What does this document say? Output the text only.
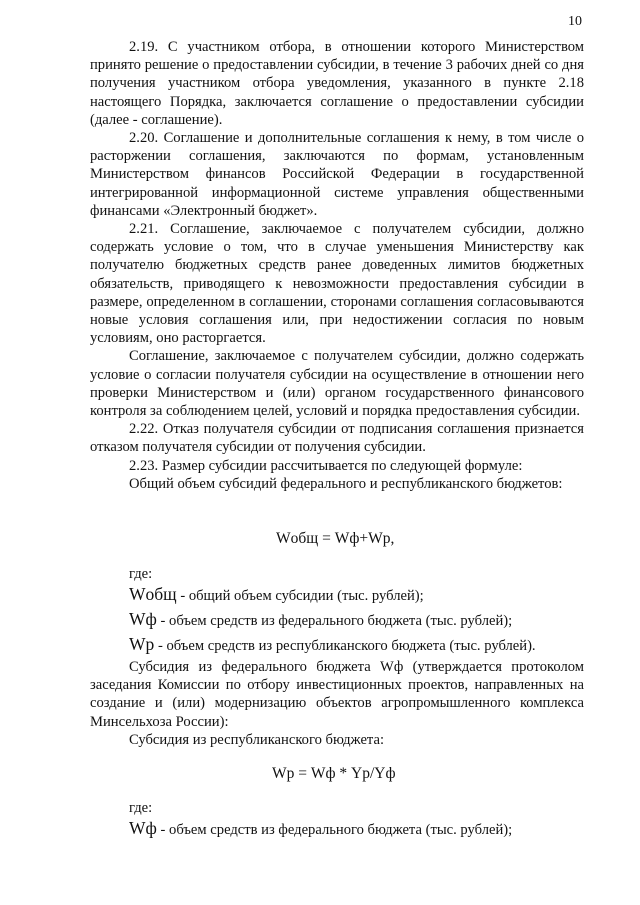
10

2.19. С участником отбора, в отношении которого Министерством принято решение о предоставлении субсидии, в течение 3 рабочих дней со дня получения участником отбора уведомления, указанного в пункте 2.18 настоящего Порядка, заключается соглашение о предоставлении субсидии (далее - соглашение).

2.20. Соглашение и дополнительные соглашения к нему, в том числе о расторжении соглашения, заключаются по формам, установленным Министерством финансов Российской Федерации в государственной интегрированной информационной системе управления общественными финансами «Электронный бюджет».

2.21. Соглашение, заключаемое с получателем субсидии, должно содержать условие о том, что в случае уменьшения Министерству как получателю бюджетных средств ранее доведенных лимитов бюджетных обязательств, приводящего к невозможности предоставления субсидии в размере, определенном в соглашении, сторонами соглашения согласовываются новые условия соглашения или, при недостижении согласия по новым условиям, оно расторгается.

Соглашение, заключаемое с получателем субсидии, должно содержать условие о согласии получателя субсидии на осуществление в отношении него проверки Министерством и (или) органом государственного финансового контроля за соблюдением целей, условий и порядка предоставления субсидии.

2.22. Отказ получателя субсидии от подписания соглашения признается отказом получателя субсидии от получения субсидии.

2.23. Размер субсидии рассчитывается по следующей формуле:

Общий объем субсидий федерального и республиканского бюджетов:

Wобщ = Wф+Wр,
где:
Wобщ - общий объем субсидии (тыс. рублей);
Wф - объем средств из федерального бюджета (тыс. рублей);
Wр - объем средств из республиканского бюджета (тыс. рублей).

Субсидия из федерального бюджета Wф (утверждается протоколом заседания Комиссии по отбору инвестиционных проектов, направленных на создание и (или) модернизацию объектов агропромышленного комплекса Минсельхоза России):

Субсидия из республиканского бюджета:

Wр = Wф * Yр/Yф
где:
Wф - объем средств из федерального бюджета (тыс. рублей);
